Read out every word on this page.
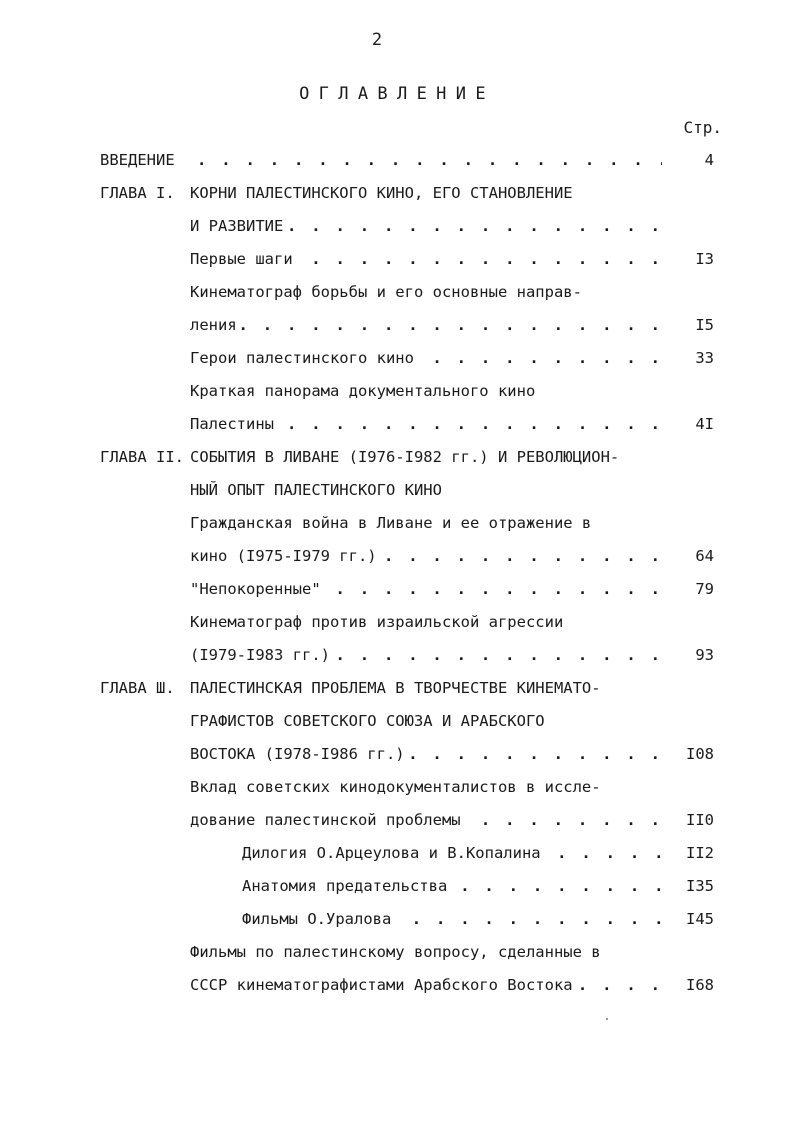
2
ОГЛАВЛЕНИЕ
Стр.
. . . ВВЕДЕНИЕ	4
ГЛАВА I. КОРНИ ПАЛЕСТИНСКОГО КИНО, ЕГО СТАНОВЛЕНИЕ
. . . И РАЗВИТИЕ
. . . Первые шаги	I3
Кинематограф борьбы и его основные направ-
. . . ления	I5
. . . Герои палестинского кино	33
Краткая панорама документального кино
. . . Палестины	4I
ГЛАВА II. СОБЫТИЯ В ЛИВАНЕ (I976-I982 гг.) И РЕВОЛЮЦИОН-
НЫЙ ОПЫТ ПАЛЕСТИНСКОГО КИНО
Гражданская война в Ливане и ее отражение в
. . . кино (I975-I979 гг.)	64
. . . "Непокоренные"	79
Кинематограф против израильской агрессии
. . . (I979-I983 гг.)	93
ГЛАВА Ш. ПАЛЕСТИНСКАЯ ПРОБЛЕМА В ТВОРЧЕСТВЕ КИНЕМАТО-
ГРАФИСТОВ СОВЕТСКОГО СОЮЗА И АРАБСКОГО
. . . ВОСТОКА (I978-I986 гг.)	I08
Вклад советских кинодокументалистов в иссле-
. . . дование палестинской проблемы	II0
. . . Дилогия О.Арцеулова и В.Копалина	II2
. . . Анатомия предательства	I35
. . . Фильмы О.Уралова	I45
Фильмы по палестинскому вопросу, сделанные в
. . . СССР кинематографистами Арабского Востока	I68
